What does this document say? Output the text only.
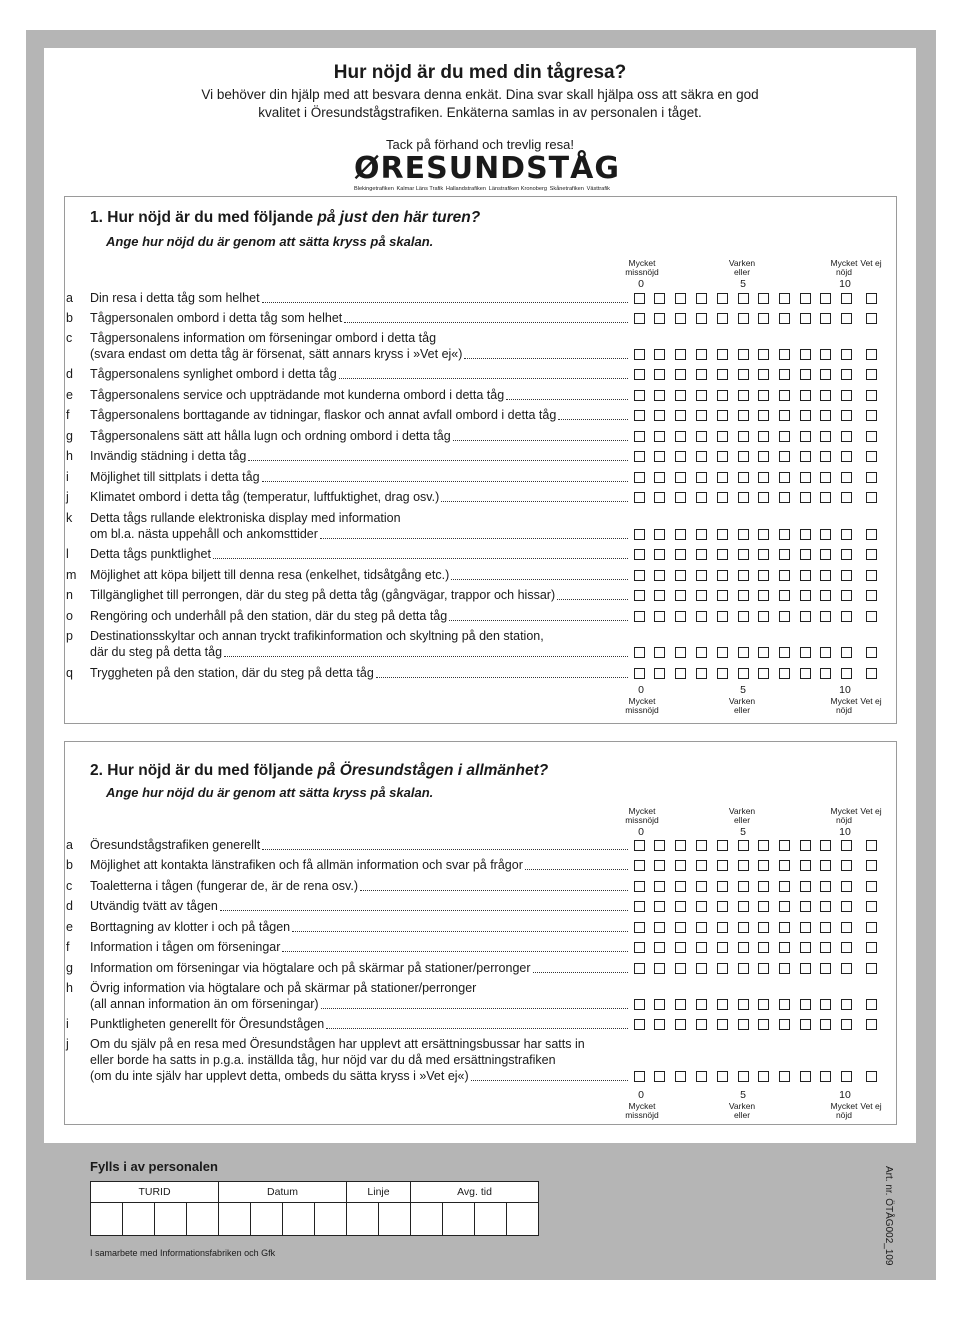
Hur nöjd är du med din tågresa?
Vi behöver din hjälp med att besvara denna enkät. Dina svar skall hjälpa oss att säkra en god kvalitet i Öresundstågstrafiken. Enkäterna samlas in av personalen i tåget.
Tack på förhand och trevlig resa!
ØRESUNDSTÅG
Blekingetrafiken Kalmar Läns Trafik Hallandstrafiken Länstrafiken Kronoberg Skånetrafiken Västtrafik
1. Hur nöjd är du med följande på just den här turen?
Ange hur nöjd du är genom att sätta kryss på skalan.
2. Hur nöjd är du med följande på Öresundstågen i allmänhet?
Ange hur nöjd du är genom att sätta kryss på skalan.
Mycket missnöjd
Varken eller
Mycket nöjd
Vet ej
0	5	10
a	Din resa i detta tåg som helhet
b	Tågpersonalen ombord i detta tåg som helhet
c	Tågpersonalens information om förseningar ombord i detta tåg
(svara endast om detta tåg är försenat, sätt annars kryss i »Vet ej«)
d	Tågpersonalens synlighet ombord i detta tåg
e	Tågpersonalens service och uppträdande mot kunderna ombord i detta tåg
f	Tågpersonalens borttagande av tidningar, flaskor och annat avfall ombord i detta tåg
g	Tågpersonalens sätt att hålla lugn och ordning ombord i detta tåg
h	Invändig städning i detta tåg
i	Möjlighet till sittplats i detta tåg
j	Klimatet ombord i detta tåg (temperatur, luftfuktighet, drag osv.)
k	Detta tågs rullande elektroniska display med information
om bl.a. nästa uppehåll och ankomsttider
l	Detta tågs punktlighet
m Möjlighet att köpa biljett till denna resa (enkelhet, tidsåtgång etc.)
n	Tillgänglighet till perrongen, där du steg på detta tåg (gångvägar, trappor och hissar)
o	Rengöring och underhåll på den station, där du steg på detta tåg
p	Destinationsskyltar och annan tryckt trafikinformation och skyltning på den station,
där du steg på detta tåg
q	Tryggheten på den station, där du steg på detta tåg
Mycket missnöjd
Varken eller
Mycket nöjd
Vet ej
0	5	10
Mycket missnöjd
Varken eller
Mycket nöjd
Vet ej
0	5	10
a	Öresundstågstrafiken generellt
b	Möjlighet att kontakta länstrafiken och få allmän information och svar på frågor
c	Toaletterna i tågen (fungerar de, är de rena osv.)
d	Utvändig tvätt av tågen
e	Borttagning av klotter i och på tågen
f	Information i tågen om förseningar
g	Information om förseningar via högtalare och på skärmar på stationer/perronger
h	Övrig information via högtalare och på skärmar på stationer/perronger
(all annan information än om förseningar)
i	Punktligheten generellt för Öresundstågen
j	Om du själv på en resa med Öresundstågen har upplevt att ersättningsbussar har satts in
eller borde ha satts in p.g.a. inställda tåg, hur nöjd var du då med ersättningstrafiken
(om du inte själv har upplevt detta, ombeds du sätta kryss i »Vet ej«)
Mycket missnöjd
Varken eller
Mycket nöjd
Vet ej
0	5	10
Fylls i av personalen
TURID				Datum				Linje		Avg. tid			

I samarbete med Informationsfabriken och Gfk	Art. nr. ÖTÅG002_109
